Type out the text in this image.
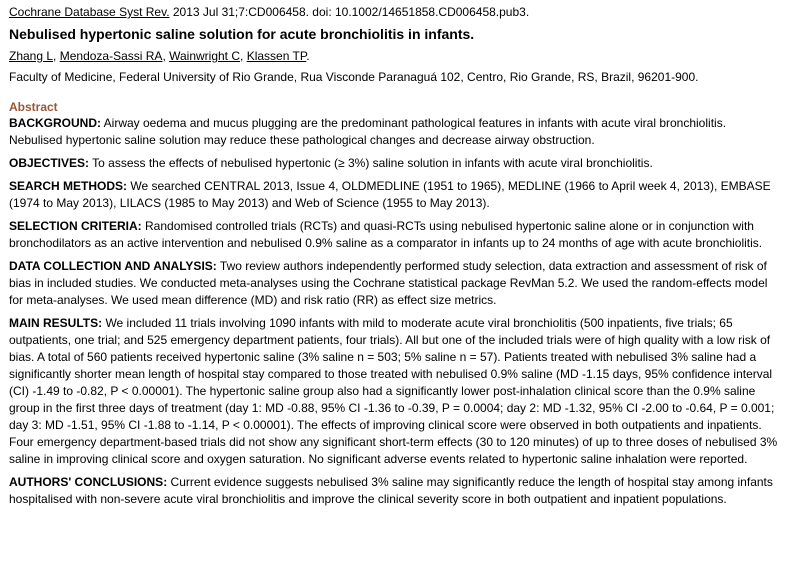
Cochrane Database Syst Rev. 2013 Jul 31;7:CD006458. doi: 10.1002/14651858.CD006458.pub3.
Nebulised hypertonic saline solution for acute bronchiolitis in infants.
Zhang L, Mendoza-Sassi RA, Wainwright C, Klassen TP.
Faculty of Medicine, Federal University of Rio Grande, Rua Visconde Paranaguá 102, Centro, Rio Grande, RS, Brazil, 96201-900.
Abstract

BACKGROUND: Airway oedema and mucus plugging are the predominant pathological features in infants with acute viral bronchiolitis. Nebulised hypertonic saline solution may reduce these pathological changes and decrease airway obstruction.

OBJECTIVES: To assess the effects of nebulised hypertonic (≥ 3%) saline solution in infants with acute viral bronchiolitis.

SEARCH METHODS: We searched CENTRAL 2013, Issue 4, OLDMEDLINE (1951 to 1965), MEDLINE (1966 to April week 4, 2013), EMBASE (1974 to May 2013), LILACS (1985 to May 2013) and Web of Science (1955 to May 2013).

SELECTION CRITERIA: Randomised controlled trials (RCTs) and quasi-RCTs using nebulised hypertonic saline alone or in conjunction with bronchodilators as an active intervention and nebulised 0.9% saline as a comparator in infants up to 24 months of age with acute bronchiolitis.

DATA COLLECTION AND ANALYSIS: Two review authors independently performed study selection, data extraction and assessment of risk of bias in included studies. We conducted meta-analyses using the Cochrane statistical package RevMan 5.2. We used the random-effects model for meta-analyses. We used mean difference (MD) and risk ratio (RR) as effect size metrics.

MAIN RESULTS: We included 11 trials involving 1090 infants with mild to moderate acute viral bronchiolitis (500 inpatients, five trials; 65 outpatients, one trial; and 525 emergency department patients, four trials). All but one of the included trials were of high quality with a low risk of bias. A total of 560 patients received hypertonic saline (3% saline n = 503; 5% saline n = 57). Patients treated with nebulised 3% saline had a significantly shorter mean length of hospital stay compared to those treated with nebulised 0.9% saline (MD -1.15 days, 95% confidence interval (CI) -1.49 to -0.82, P < 0.00001). The hypertonic saline group also had a significantly lower post-inhalation clinical score than the 0.9% saline group in the first three days of treatment (day 1: MD -0.88, 95% CI -1.36 to -0.39, P = 0.0004; day 2: MD -1.32, 95% CI -2.00 to -0.64, P = 0.001; day 3: MD -1.51, 95% CI -1.88 to -1.14, P < 0.00001). The effects of improving clinical score were observed in both outpatients and inpatients. Four emergency department-based trials did not show any significant short-term effects (30 to 120 minutes) of up to three doses of nebulised 3% saline in improving clinical score and oxygen saturation. No significant adverse events related to hypertonic saline inhalation were reported.

AUTHORS' CONCLUSIONS: Current evidence suggests nebulised 3% saline may significantly reduce the length of hospital stay among infants hospitalised with non-severe acute viral bronchiolitis and improve the clinical severity score in both outpatient and inpatient populations.
